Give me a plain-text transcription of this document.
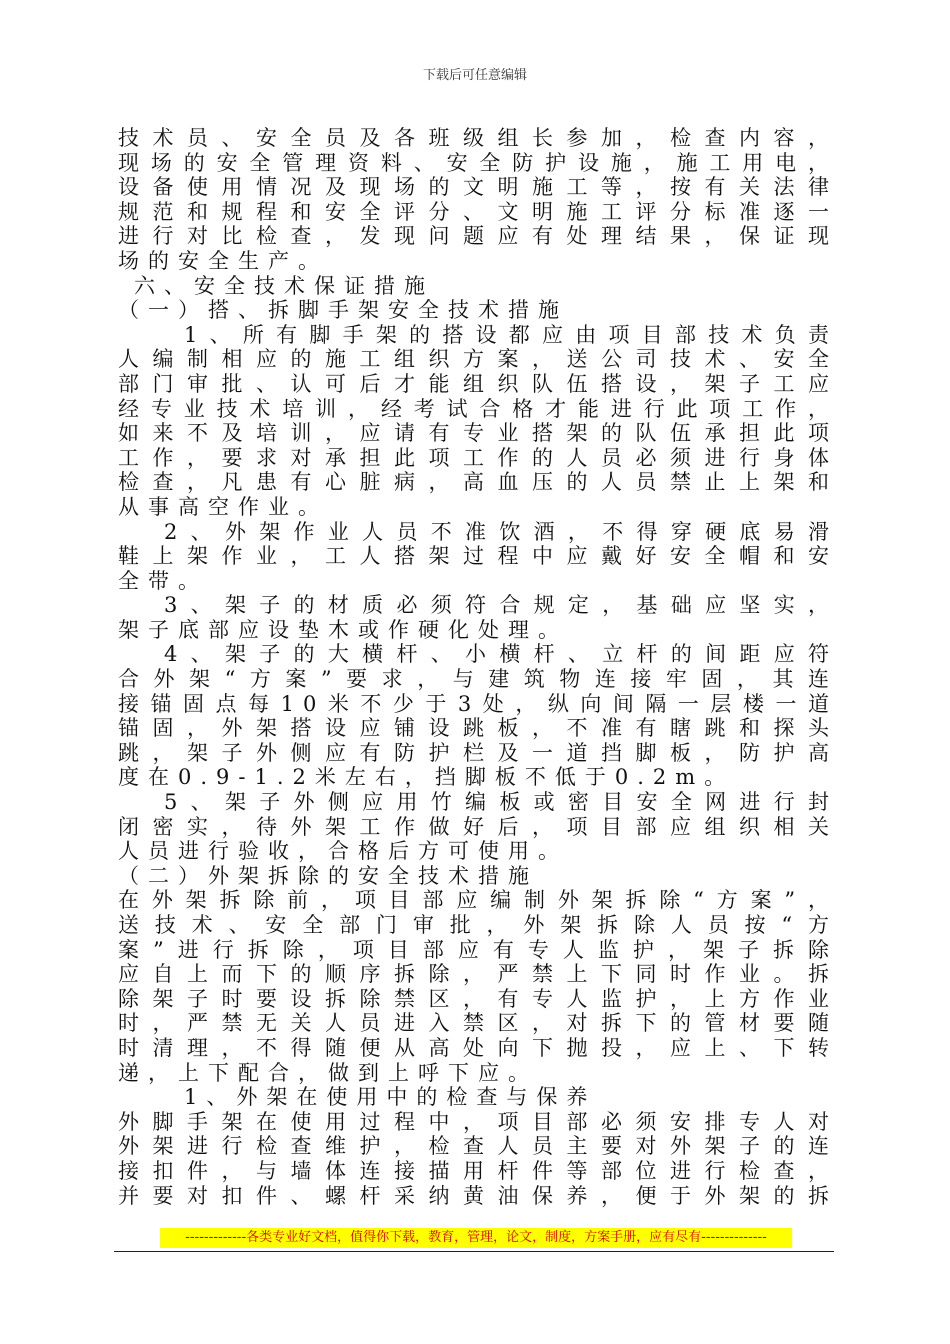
下载后可任意编辑
技术员、安全员及各班级组长参加，检查内容，
现场的安全管理资料、安全防护设施，施工用电，
设备使用情况及现场的文明施工等，按有关法律
规范和规程和安全评分、文明施工评分标准逐一
进行对比检查，发现问题应有处理结果，保证现
场的安全生产。
六、安全技术保证措施
（一）搭、拆脚手架安全技术措施
1、所有脚手架的搭设都应由项目部技术负责
人编制相应的施工组织方案，送公司技术、安全
部门审批、认可后才能组织队伍搭设，架子工应
经专业技术培训，经考试合格才能进行此项工作，
如来不及培训，应请有专业搭架的队伍承担此项
工作，要求对承担此项工作的人员必须进行身体
检查，凡患有心脏病，高血压的人员禁止上架和
从事高空作业。
2、外架作业人员不准饮酒，不得穿硬底易滑
鞋上架作业，工人搭架过程中应戴好安全帽和安
全带。
3、架子的材质必须符合规定，基础应坚实，
架子底部应设垫木或作硬化处理。
4、架子的大横杆、小横杆、立杆的间距应符
合外架“方案”要求，与建筑物连接牢固，其连
接锚固点每10米不少于3处，纵向间隔一层楼一道
锚固，外架搭设应铺设跳板，不准有瞎跳和探头
跳，架子外侧应有防护栏及一道挡脚板，防护高
度在0.9-1.2米左右，挡脚板不低于0.2m。
5、架子外侧应用竹编板或密目安全网进行封
闭密实，待外架工作做好后，项目部应组织相关
人员进行验收，合格后方可使用。
（二）外架拆除的安全技术措施
在外架拆除前，项目部应编制外架拆除“方案”，
送技术、安全部门审批，外架拆除人员按“方
案”进行拆除，项目部应有专人监护，架子拆除
应自上而下的顺序拆除，严禁上下同时作业。拆
除架子时要设拆除禁区，有专人监护，上方作业
时，严禁无关人员进入禁区，对拆下的管材要随
时清理，不得随便从高处向下抛投，应上、下转
递，上下配合，做到上呼下应。
1、外架在使用中的检查与保养
外脚手架在使用过程中，项目部必须安排专人对
外架进行检查维护，检查人员主要对外架子的连
接扣件，与墙体连接描用杆件等部位进行检查，
并要对扣件、螺杆采纳黄油保养，便于外架的拆
-------------各类专业好文档，值得你下载，教育，管理，论文，制度，方案手册，应有尽有--------------
